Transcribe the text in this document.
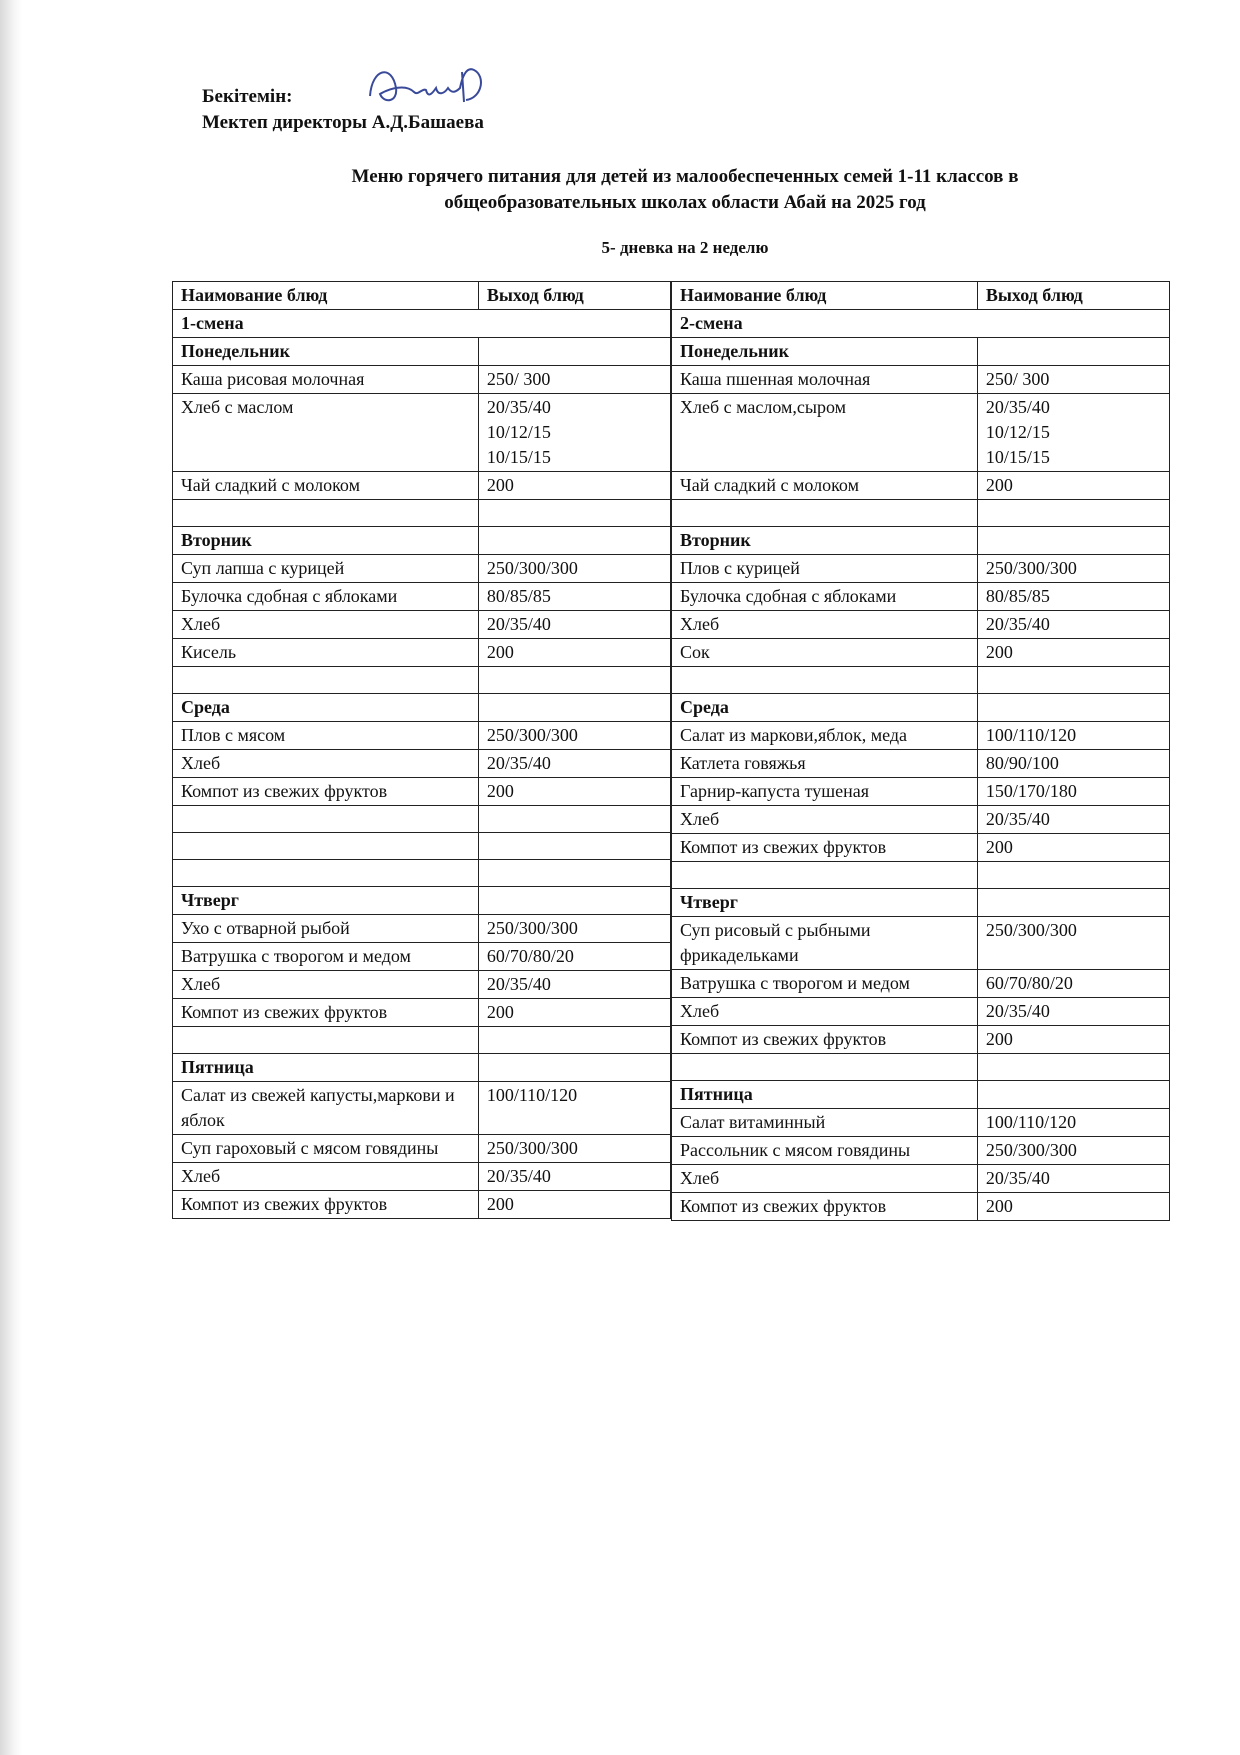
Бекітемін:
Мектеп директоры А.Д.Башаева
Меню горячего питания для детей из малообеспеченных семей 1-11 классов в
общеобразовательных школах области Абай на 2025 год
5- дневка на 2 неделю
Наимование блюд	Выход блюд
1-смена	
Понедельник	
Каша рисовая молочная	250/ 300

Хлеб с маслом	20/35/40
10/12/15
10/15/15

Чай сладкий с молоком	200

Вторник	
Суп лапша с курицей	250/300/300

Булочка сдобная с яблоками	80/85/85

Хлеб	20/35/40

Кисель	200

Среда	
Плов с мясом	250/300/300

Хлеб	20/35/40

Компот из свежих фруктов	200

Чтверг	
Ухо с отварной рыбой	250/300/300

Ватрушка с творогом и медом	60/70/80/20

Хлеб	20/35/40

Компот из свежих фруктов	200

Пятница	
Салат из свежей капусты,маркови и яблок	100/110/120

Суп гароховый с мясом говядины	250/300/300

Хлеб	20/35/40

Компот из свежих фруктов	200
Наимование блюд	Выход блюд
2-смена	
Понедельник	
Каша пшенная молочная	250/ 300

Хлеб с маслом,сыром	20/35/40
10/12/15
10/15/15

Чай сладкий с молоком	200

Вторник	
Плов с курицей	250/300/300

Булочка сдобная с яблоками	80/85/85

Хлеб	20/35/40

Сок	200

Среда	
Салат из маркови,яблок, меда	100/110/120

Катлета говяжья	80/90/100

Гарнир-капуста тушеная	150/170/180

Хлеб	20/35/40

Компот из свежих фруктов	200

Чтверг	
Суп рисовый с рыбными фрикадельками	250/300/300

Ватрушка с творогом и медом	60/70/80/20

Хлеб	20/35/40

Компот из свежих фруктов	200

Пятница	
Салат витаминный	100/110/120

Рассольник с мясом говядины	250/300/300

Хлеб	20/35/40

Компот из свежих фруктов	200
